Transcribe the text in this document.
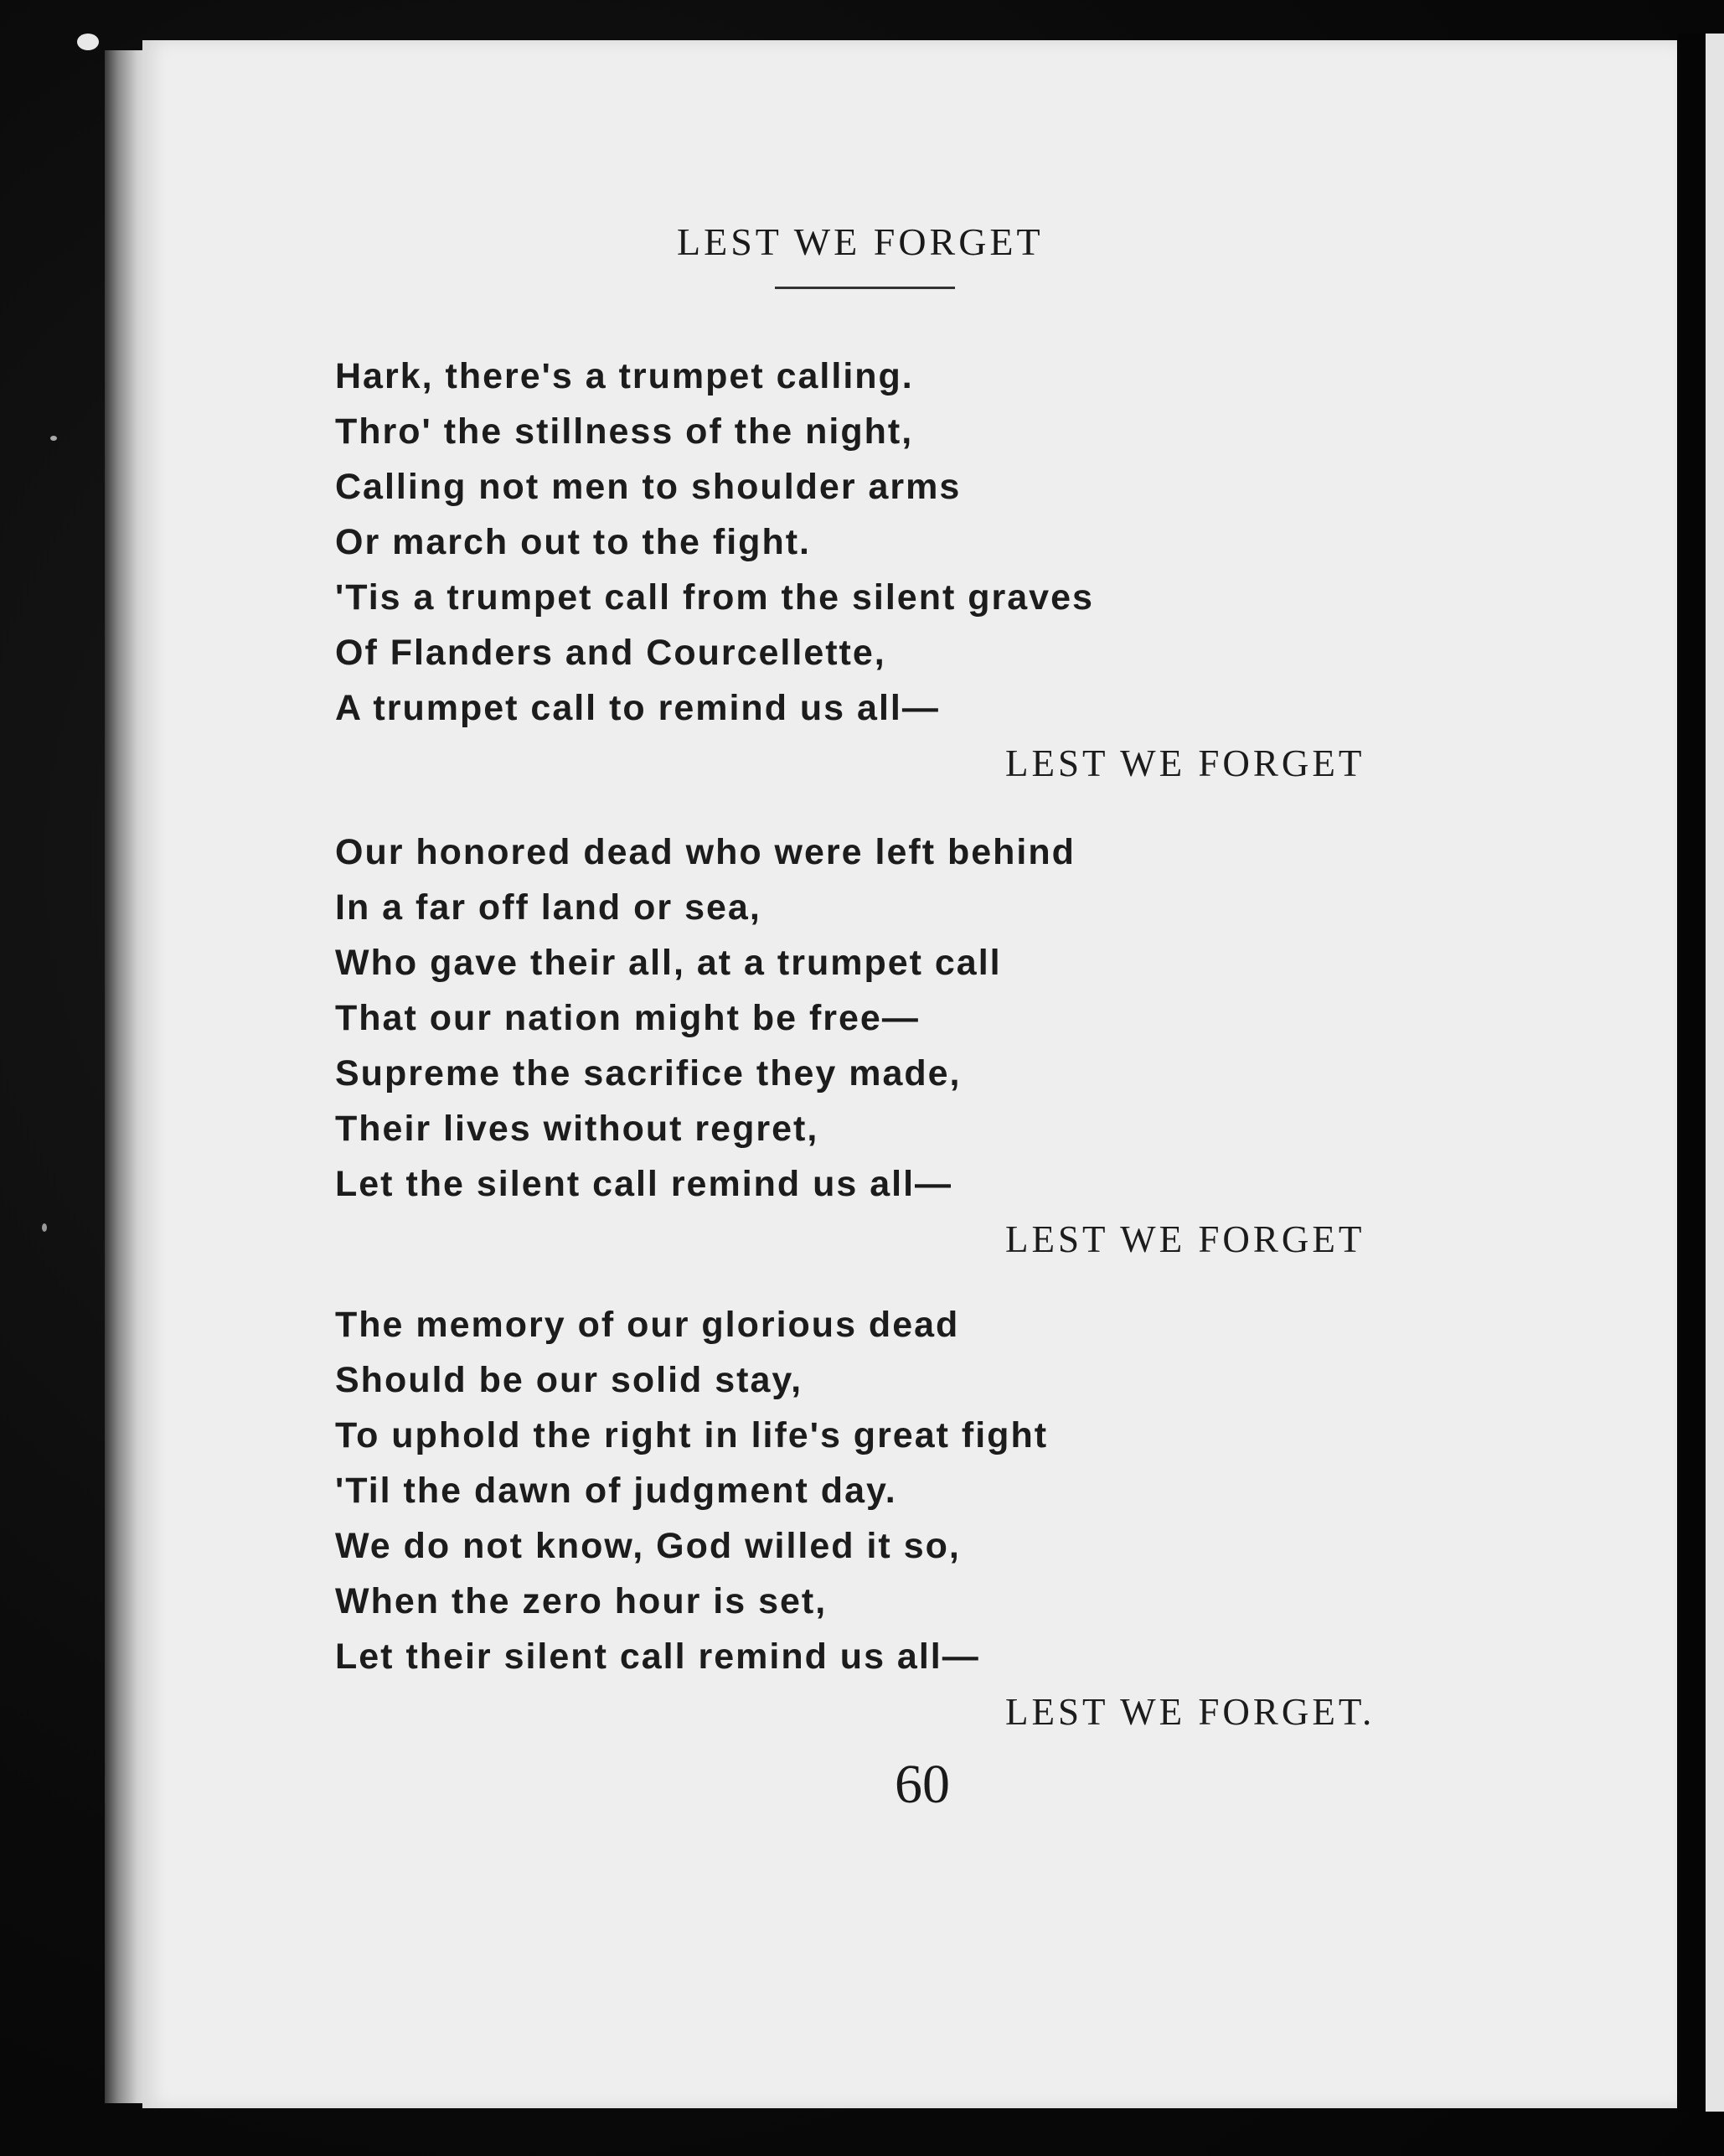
LEST WE FORGET
Hark, there's a trumpet calling.
Thro' the stillness of the night,
Calling not men to shoulder arms
Or march out to the fight.
'Tis a trumpet call from the silent graves
Of Flanders and Courcellette,
A trumpet call to remind us all—
LEST WE FORGET
Our honored dead who were left behind
In a far off land or sea,
Who gave their all, at a trumpet call
That our nation might be free—
Supreme the sacrifice they made,
Their lives without regret,
Let the silent call remind us all—
LEST WE FORGET
The memory of our glorious dead
Should be our solid stay,
To uphold the right in life's great fight
'Til the dawn of judgment day.
We do not know, God willed it so,
When the zero hour is set,
Let their silent call remind us all—
LEST WE FORGET.
60
